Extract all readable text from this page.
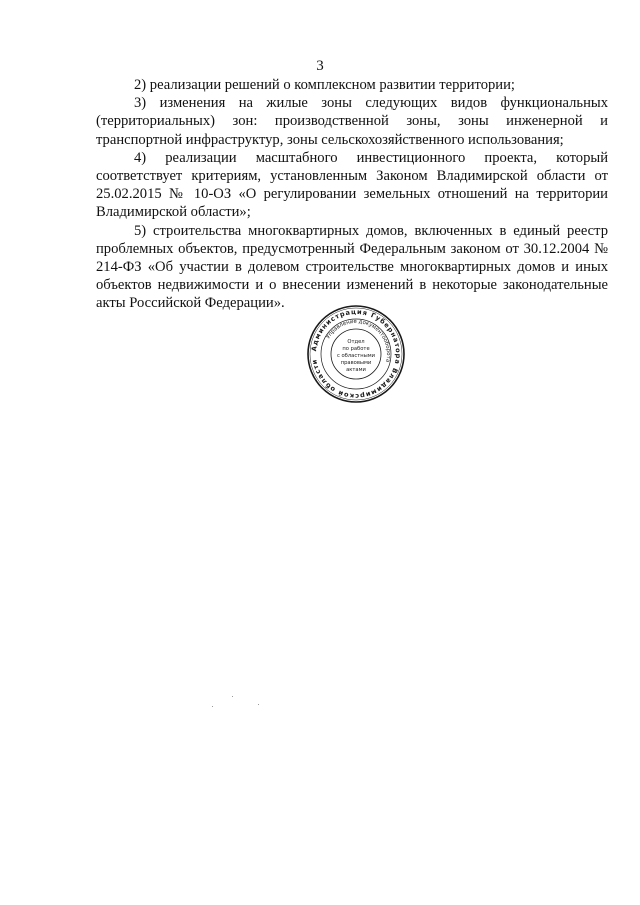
3

2) реализации решений о комплексном развитии территории;

3) изменения на жилые зоны следующих видов функциональных (территориальных) зон: производственной зоны, зоны инженерной и транспортной инфраструктур, зоны сельскохозяйственного использования;

4) реализации масштабного инвестиционного проекта, который соответствует критериям, установленным Законом Владимирской области от 25.02.2015 № 10-ОЗ «О регулировании земельных отношений на территории Владимирской области»;

5) строительства многоквартирных домов, включенных в единый реестр проблемных объектов, предусмотренный Федеральным законом от 30.12.2004 № 214-ФЗ «Об участии в долевом строительстве многоквартирных домов и иных объектов недвижимости и о внесении изменений в некоторые законодательные акты Российской Федерации».

Администрация Губернатора Владимирской области
Управление документооборота
Отдел
по работе
с областными
правовыми
актами
